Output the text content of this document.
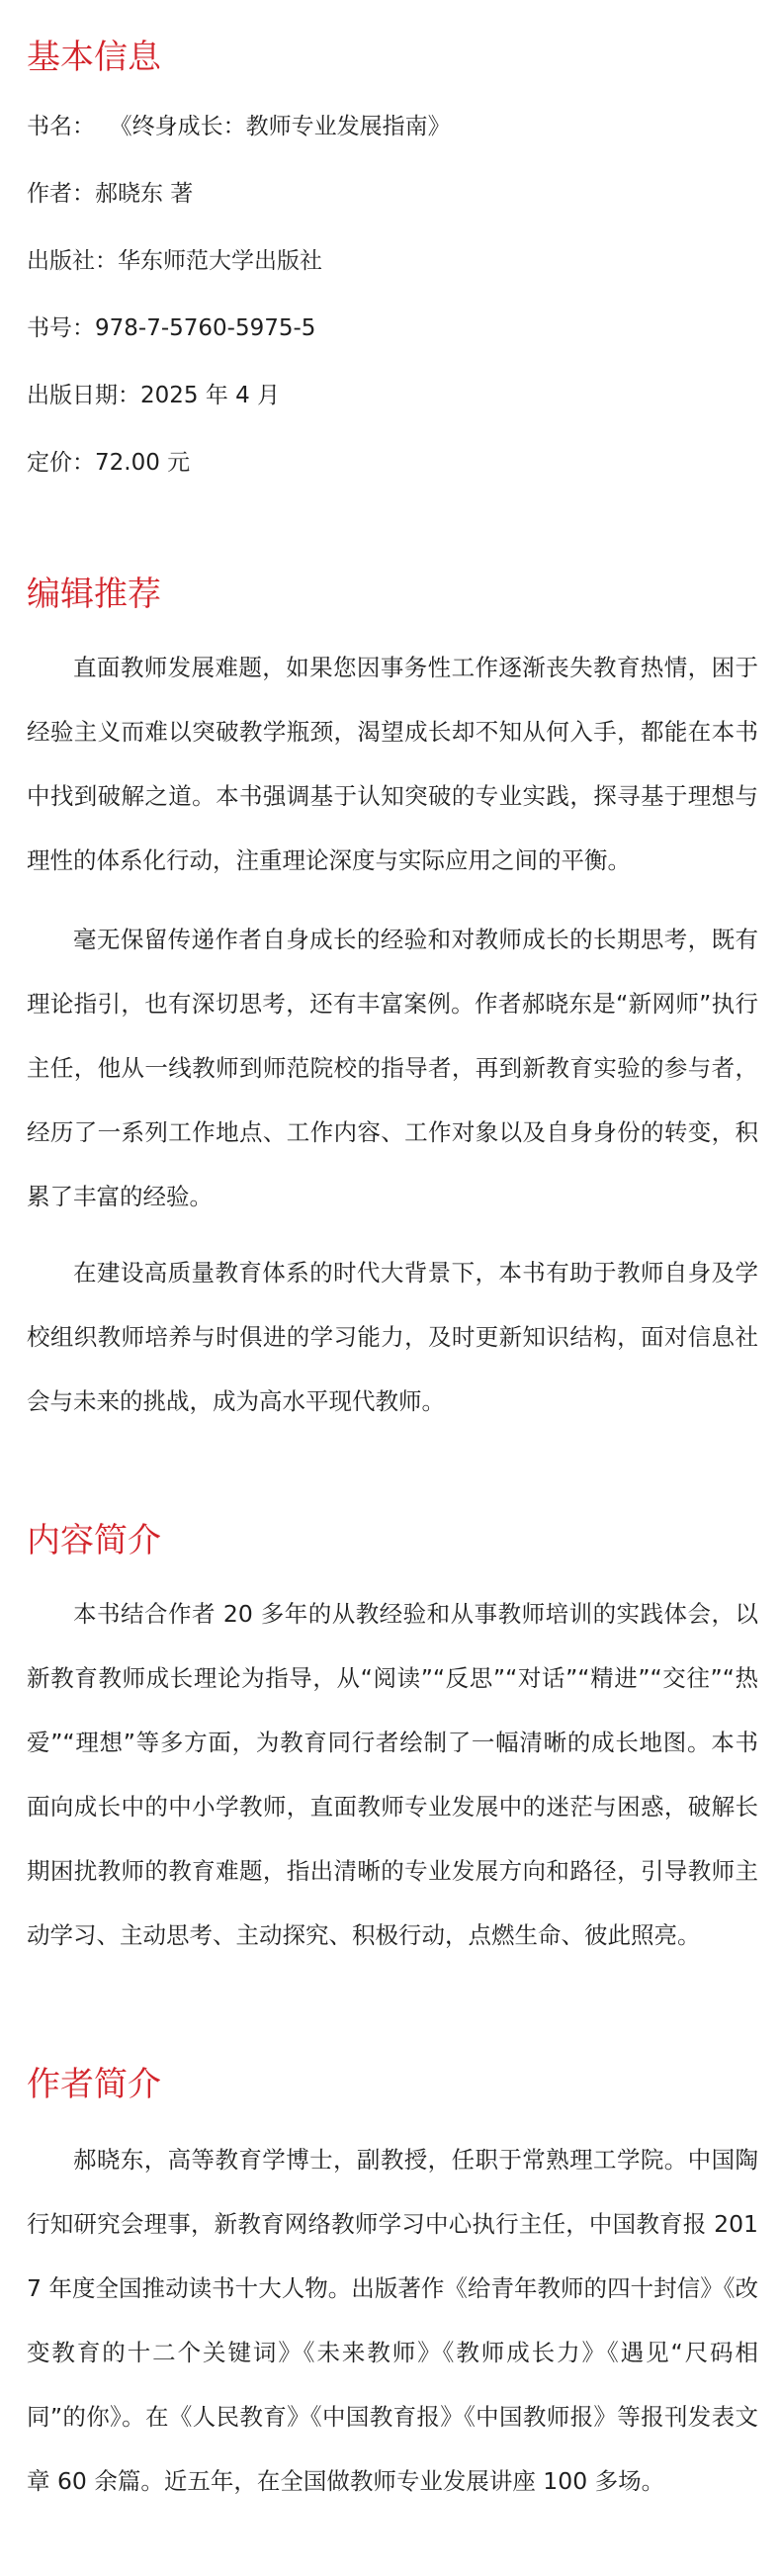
基本信息

书名：  《终身成长：教师专业发展指南》

作者：郝晓东 著

出版社：华东师范大学出版社

书号：978-7-5760-5975-5

出版日期：2025 年 4 月

定价：72.00 元

编辑推荐

直面教师发展难题，如果您因事务性工作逐渐丧失教育热情，困于经验主义而难以突破教学瓶颈，渴望成长却不知从何入手，都能在本书中找到破解之道。本书强调基于认知突破的专业实践，探寻基于理想与理性的体系化行动，注重理论深度与实际应用之间的平衡。

毫无保留传递作者自身成长的经验和对教师成长的长期思考，既有理论指引，也有深切思考，还有丰富案例。作者郝晓东是“新网师”执行主任，他从一线教师到师范院校的指导者，再到新教育实验的参与者，经历了一系列工作地点、工作内容、工作对象以及自身身份的转变，积累了丰富的经验。

在建设高质量教育体系的时代大背景下，本书有助于教师自身及学校组织教师培养与时俱进的学习能力，及时更新知识结构，面对信息社会与未来的挑战，成为高水平现代教师。

内容简介

本书结合作者 20 多年的从教经验和从事教师培训的实践体会，以新教育教师成长理论为指导，从“阅读”“反思”“对话”“精进”“交往”“热爱”“理想”等多方面，为教育同行者绘制了一幅清晰的成长地图。本书面向成长中的中小学教师，直面教师专业发展中的迷茫与困惑，破解长期困扰教师的教育难题，指出清晰的专业发展方向和路径，引导教师主动学习、主动思考、主动探究、积极行动，点燃生命、彼此照亮。

作者简介

郝晓东，高等教育学博士，副教授，任职于常熟理工学院。中国陶行知研究会理事，新教育网络教师学习中心执行主任，中国教育报 2017 年度全国推动读书十大人物。出版著作《给青年教师的四十封信》《改变教育的十二个关键词》《未来教师》《教师成长力》《遇见“尺码相同”的你》。在《人民教育》《中国教育报》《中国教师报》等报刊发表文章 60 余篇。近五年，在全国做教师专业发展讲座 100 多场。
